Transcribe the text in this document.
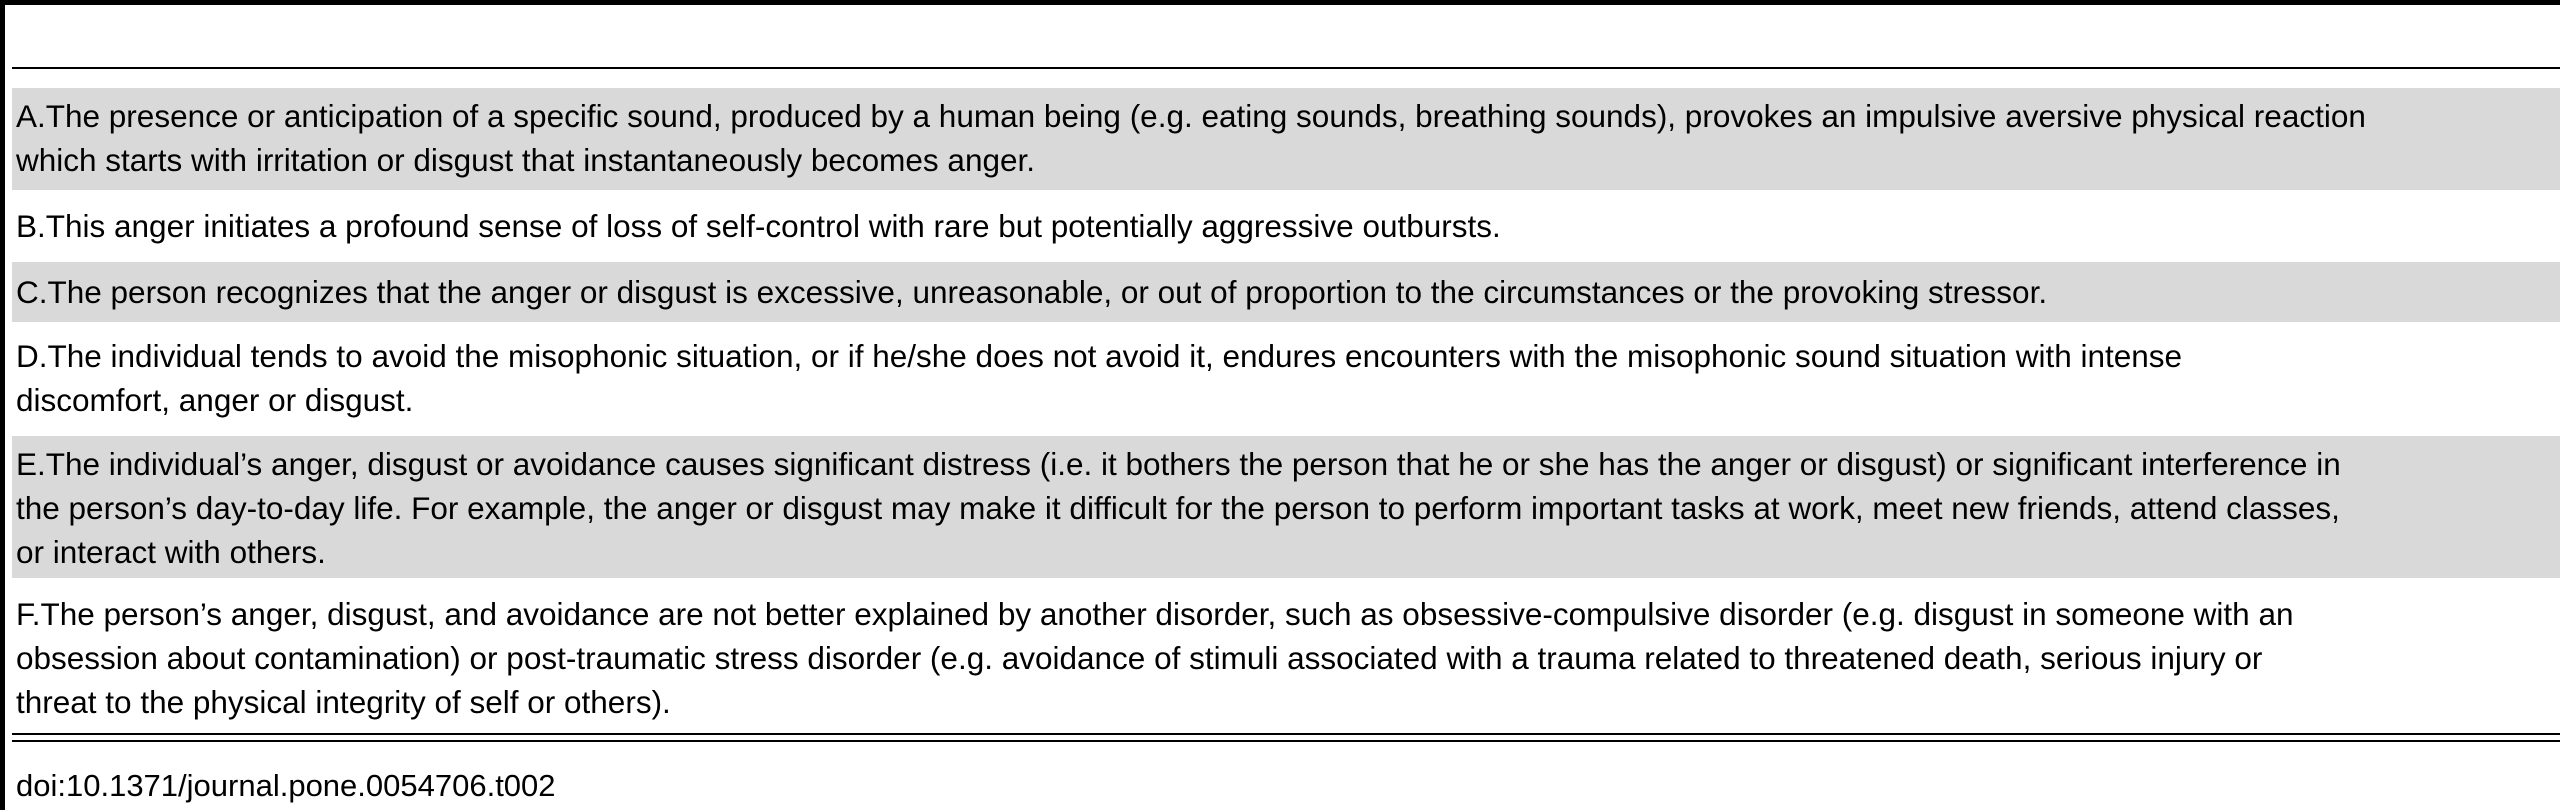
A.The presence or anticipation of a specific sound, produced by a human being (e.g. eating sounds, breathing sounds), provokes an impulsive aversive physical reaction
which starts with irritation or disgust that instantaneously becomes anger.
B.This anger initiates a profound sense of loss of self-control with rare but potentially aggressive outbursts.
C.The person recognizes that the anger or disgust is excessive, unreasonable, or out of proportion to the circumstances or the provoking stressor.
D.The individual tends to avoid the misophonic situation, or if he/she does not avoid it, endures encounters with the misophonic sound situation with intense
discomfort, anger or disgust.
E.The individual’s anger, disgust or avoidance causes significant distress (i.e. it bothers the person that he or she has the anger or disgust) or significant interference in
the person’s day-to-day life. For example, the anger or disgust may make it difficult for the person to perform important tasks at work, meet new friends, attend classes,
or interact with others.
F.The person’s anger, disgust, and avoidance are not better explained by another disorder, such as obsessive-compulsive disorder (e.g. disgust in someone with an
obsession about contamination) or post-traumatic stress disorder (e.g. avoidance of stimuli associated with a trauma related to threatened death, serious injury or
threat to the physical integrity of self or others).
doi:10.1371/journal.pone.0054706.t002
